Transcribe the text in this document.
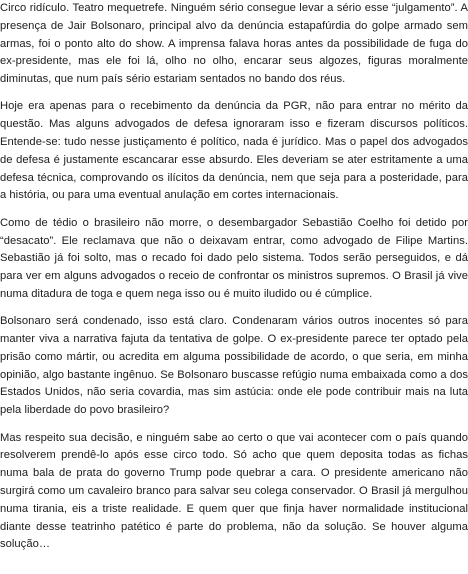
Circo ridículo. Teatro mequetrefe. Ninguém sério consegue levar a sério esse “julgamento”. A presença de Jair Bolsonaro, principal alvo da denúncia estapafúrdia do golpe armado sem armas, foi o ponto alto do show. A imprensa falava horas antes da possibilidade de fuga do ex-presidente, mas ele foi lá, olho no olho, encarar seus algozes, figuras moralmente diminutas, que num país sério estariam sentados no bando dos réus.

Hoje era apenas para o recebimento da denúncia da PGR, não para entrar no mérito da questão. Mas alguns advogados de defesa ignoraram isso e fizeram discursos políticos. Entende-se: tudo nesse justiçamento é político, nada é jurídico. Mas o papel dos advogados de defesa é justamente escancarar esse absurdo. Eles deveriam se ater estritamente a uma defesa técnica, comprovando os ilícitos da denúncia, nem que seja para a posteridade, para a história, ou para uma eventual anulação em cortes internacionais.

Como de tédio o brasileiro não morre, o desembargador Sebastião Coelho foi detido por “desacato”. Ele reclamava que não o deixavam entrar, como advogado de Filipe Martins. Sebastião já foi solto, mas o recado foi dado pelo sistema. Todos serão perseguidos, e dá para ver em alguns advogados o receio de confrontar os ministros supremos. O Brasil já vive numa ditadura de toga e quem nega isso ou é muito iludido ou é cúmplice.

Bolsonaro será condenado, isso está claro. Condenaram vários outros inocentes só para manter viva a narrativa fajuta da tentativa de golpe. O ex-presidente parece ter optado pela prisão como mártir, ou acredita em alguma possibilidade de acordo, o que seria, em minha opinião, algo bastante ingênuo. Se Bolsonaro buscasse refúgio numa embaixada como a dos Estados Unidos, não seria covardia, mas sim astúcia: onde ele pode contribuir mais na luta pela liberdade do povo brasileiro?

Mas respeito sua decisão, e ninguém sabe ao certo o que vai acontecer com o país quando resolverem prendê-lo após esse circo todo. Só acho que quem deposita todas as fichas numa bala de prata do governo Trump pode quebrar a cara. O presidente americano não surgirá como um cavaleiro branco para salvar seu colega conservador. O Brasil já mergulhou numa tirania, eis a triste realidade. E quem quer que finja haver normalidade institucional diante desse teatrinho patético é parte do problema, não da solução. Se houver alguma solução…
